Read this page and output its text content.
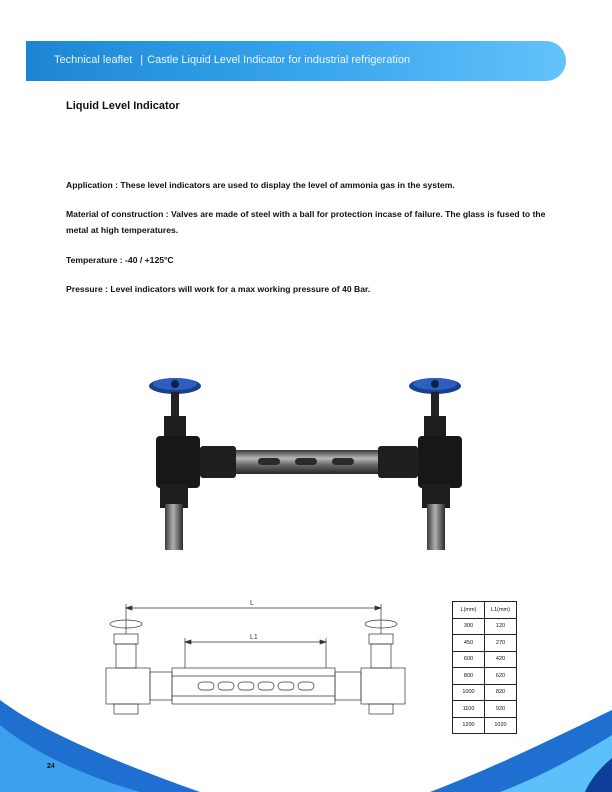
Technical leaflet | Castle Liquid Level Indicator for industrial refrigeration
Liquid Level Indicator
Application : These level indicators are used to display the level of ammonia gas in the system.
Material of construction : Valves are made of steel with a ball for protection incase of failure. The glass is fused to the metal at high temperatures.
Temperature : -40 / +125°C
Pressure : Level indicators will work for a max working pressure of 40 Bar.
L
L1
L(mm)	L1(mm)
300	120
450	270
600	420
800	620
1000	820
1100	920
1200	1020
24
